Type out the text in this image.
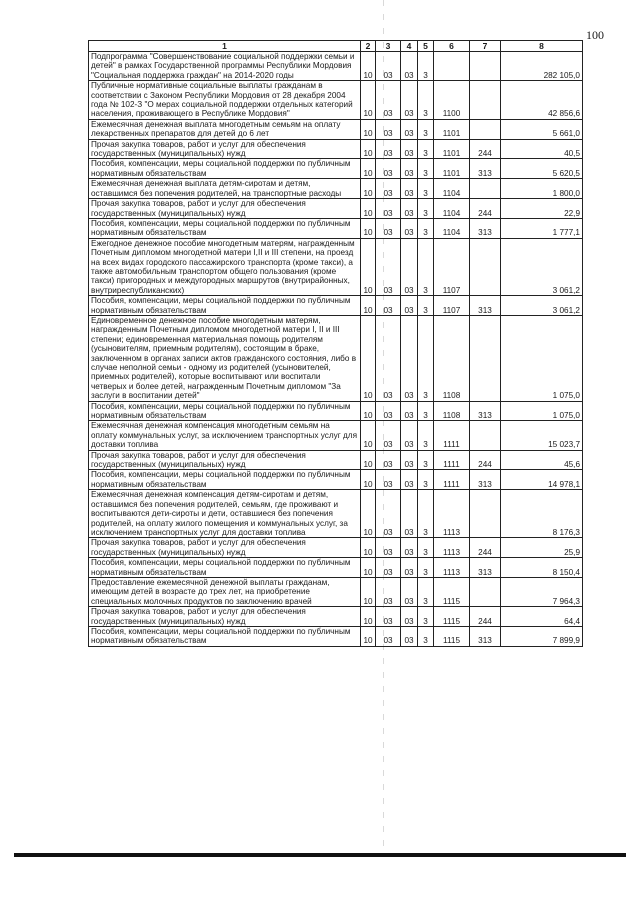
100
1	2	3	4	5	6	7	8
Подпрограмма "Совершенствование социальной поддержки семьи и детей" в рамках Государственной программы Республики Мордовия "Социальная поддержка граждан" на 2014-2020 годы	10	03	03	3			282 105,0
Публичные нормативные социальные выплаты гражданам в соответствии с Законом Республики Мордовия от 28 декабря 2004 года № 102-З "О мерах социальной поддержки отдельных категорий населения, проживающего в Республике Мордовия"	10	03	03	3	1100		42 856,6
Ежемесячная денежная выплата многодетным семьям на оплату лекарственных препаратов для детей до 6 лет	10	03	03	3	1101		5 661,0
Прочая закупка товаров, работ и услуг для обеспечения государственных (муниципальных) нужд	10	03	03	3	1101	244	40,5
Пособия, компенсации, меры социальной поддержки по публичным нормативным обязательствам	10	03	03	3	1101	313	5 620,5
Ежемесячная денежная выплата детям-сиротам и детям, оставшимся без попечения родителей, на транспортные расходы	10	03	03	3	1104		1 800,0
Прочая закупка товаров, работ и услуг для обеспечения государственных (муниципальных) нужд	10	03	03	3	1104	244	22,9
Пособия, компенсации, меры социальной поддержки по публичным нормативным обязательствам	10	03	03	3	1104	313	1 777,1
Ежегодное денежное пособие многодетным матерям, награжденным Почетным дипломом многодетной матери I,II и III степени, на проезд на всех видах городского пассажирского транспорта (кроме такси), а также автомобильным транспортом общего пользования (кроме такси) пригородных и междугородных маршрутов (внутрирайонных, внутриреспубликанских)	10	03	03	3	1107		3 061,2
Пособия, компенсации, меры социальной поддержки по публичным нормативным обязательствам	10	03	03	3	1107	313	3 061,2
Единовременное денежное пособие многодетным матерям, награжденным Почетным дипломом многодетной матери I, II и III степени; единовременная материальная помощь родителям (усыновителям, приемным родителям), состоящим в браке, заключенном в органах записи актов гражданского состояния, либо в случае неполной семьи - одному из родителей (усыновителей, приемных родителей), которые воспитывают или воспитали четверых и более детей, награжденным Почетным дипломом "За заслуги в воспитании детей"	10	03	03	3	1108		1 075,0
Пособия, компенсации, меры социальной поддержки по публичным нормативным обязательствам	10	03	03	3	1108	313	1 075,0
Ежемесячная денежная компенсация многодетным семьям на оплату коммунальных услуг, за исключением транспортных услуг для доставки топлива	10	03	03	3	1111		15 023,7
Прочая закупка товаров, работ и услуг для обеспечения государственных (муниципальных) нужд	10	03	03	3	1111	244	45,6
Пособия, компенсации, меры социальной поддержки по публичным нормативным обязательствам	10	03	03	3	1111	313	14 978,1
Ежемесячная денежная компенсация детям-сиротам и детям, оставшимся без попечения родителей, семьям, где проживают и воспитываются дети-сироты и дети, оставшиеся без попечения родителей, на оплату жилого помещения и коммунальных услуг, за исключением транспортных услуг для доставки топлива	10	03	03	3	1113		8 176,3
Прочая закупка товаров, работ и услуг для обеспечения государственных (муниципальных) нужд	10	03	03	3	1113	244	25,9
Пособия, компенсации, меры социальной поддержки по публичным нормативным обязательствам	10	03	03	3	1113	313	8 150,4
Предоставление ежемесячной денежной выплаты гражданам, имеющим детей в возрасте до трех лет, на приобретение специальных молочных продуктов по заключению врачей	10	03	03	3	1115		7 964,3
Прочая закупка товаров, работ и услуг для обеспечения государственных (муниципальных) нужд	10	03	03	3	1115	244	64,4
Пособия, компенсации, меры социальной поддержки по публичным нормативным обязательствам	10	03	03	3	1115	313	7 899,9
